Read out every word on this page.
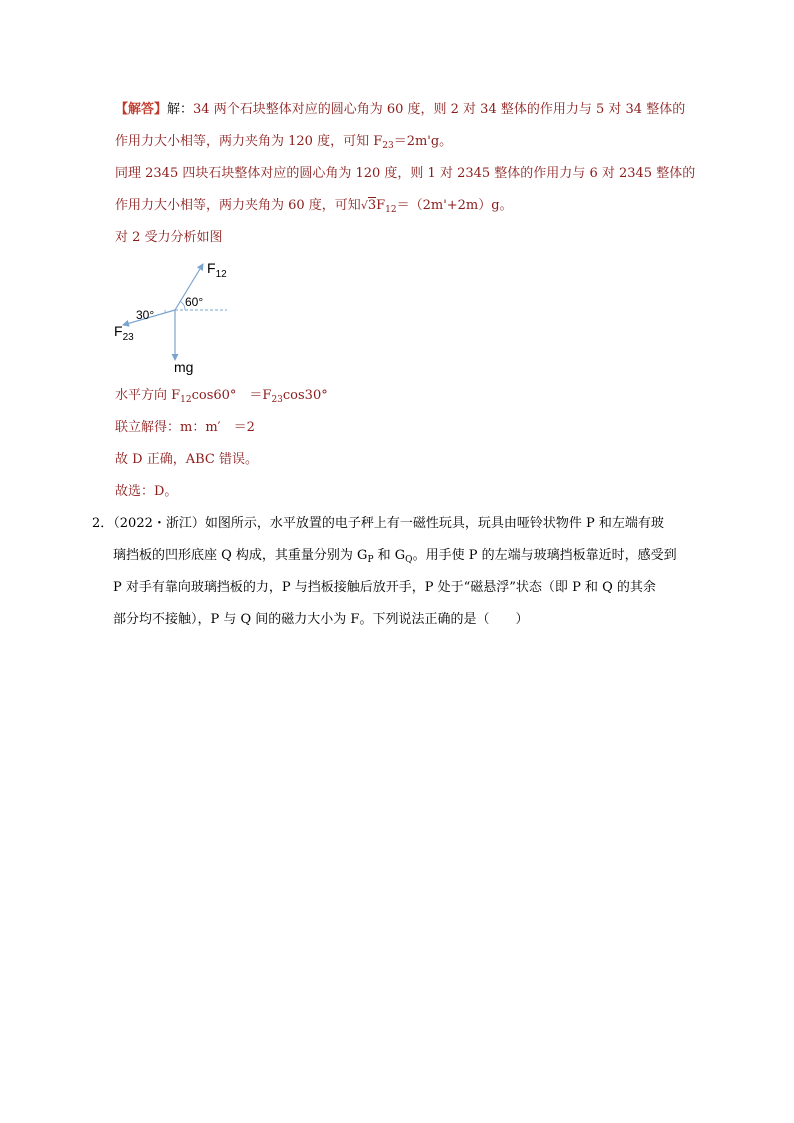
【解答】解：34 两个石块整体对应的圆心角为 60 度，则 2 对 34 整体的作用力与 5 对 34 整体的
作用力大小相等，两力夹角为 120 度，可知 $F_{23}=2m'g$。
同理 2345 四块石块整体对应的圆心角为 120 度，则 1 对 2345 整体的作用力与 6 对 2345 整体的
作用力大小相等，两力夹角为 60 度，可知$√3F_{12}=(2m'+2m)g$。
对 2 受力分析如图
$F_{12}$
60°
30°
$F_{23}$
mg
水平方向 $F_{12}\cos 60^\circ$　$=F_{23}\cos 30^\circ$
联立解得：m：m′　＝2
故 D 正确，ABC 错误。
故选：D。
2．（2022・浙江）如图所示，水平放置的电子秤上有一磁性玩具，玩具由哑铃状物件 P 和左端有玻
璃挡板的凹形底座 Q 构成，其重量分别为 $G_P$ 和 $G_Q$。用手使 P 的左端与玻璃挡板靠近时，感受到
P 对手有靠向玻璃挡板的力，P 与挡板接触后放开手，P 处于“磁悬浮”状态（即 P 和 Q 的其余
部分均不接触），P 与 Q 间的磁力大小为 F。下列说法正确的是（　　）
